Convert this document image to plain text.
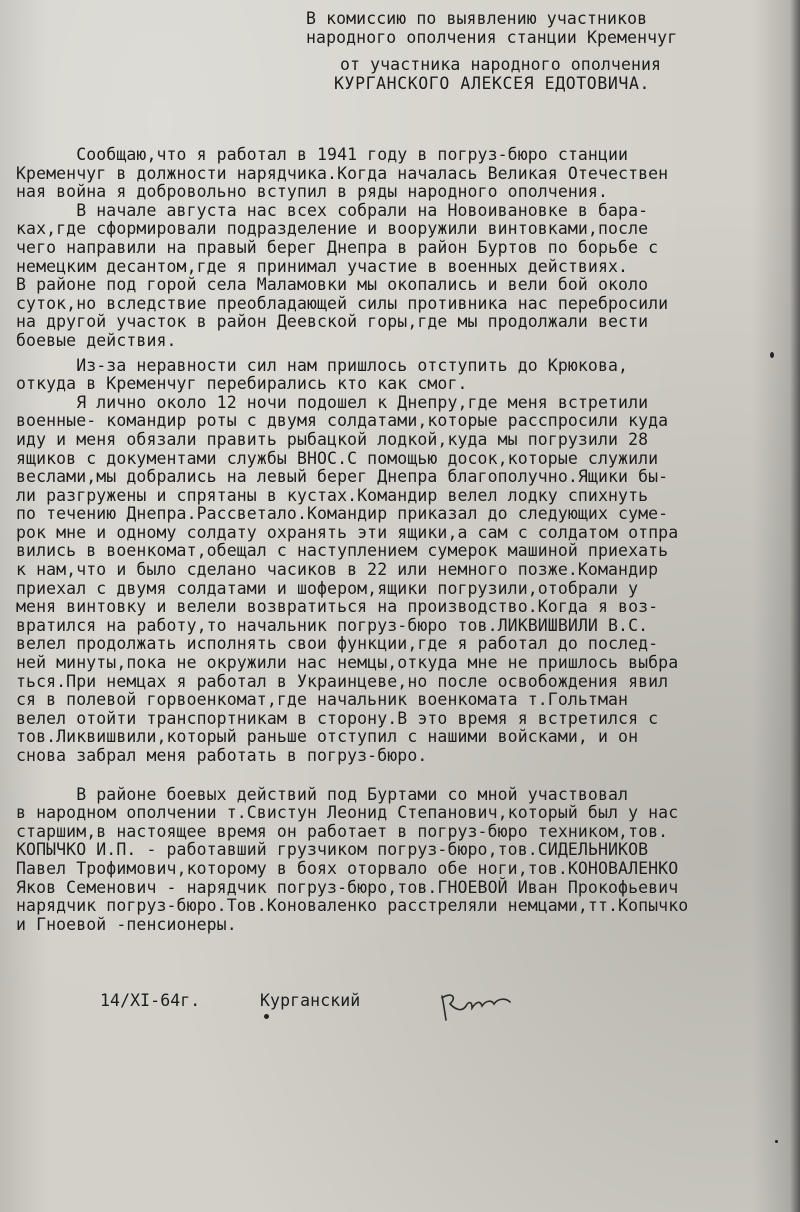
В комиссию по выявлению участников
народного ополчения станции Кременчуг
от участника народного ополчения
КУРГАНСКОГО АЛЕКСЕЯ ЕДОТОВИЧА.
Сообщаю,что я работал в 1941 году в погруз-бюро станции
Кременчуг в должности нарядчика.Когда началась Великая Отечествен
ная война я добровольно вступил в ряды народного ополчения.
В начале августа нас всех собрали на Новоивановке в бара-
ках,где сформировали подразделение и вооружили винтовками,после
чего направили на правый берег Днепра в район Буртов по борьбе с
немецким десантом,где я принимал участие в военных действиях.
В районе под горой села Маламовки мы окопались и вели бой около
суток,но вследствие преобладающей силы противника нас перебросили
на другой участок в район Деевской горы,где мы продолжали вести
боевые действия.
Из-за неравности сил нам пришлось отступить до Крюкова,
откуда в Кременчуг перебирались кто как смог.
Я лично около 12 ночи подошел к Днепру,где меня встретили
военные- командир роты с двумя солдатами,которые расспросили куда
иду и меня обязали править рыбацкой лодкой,куда мы погрузили 28
ящиков с документами службы ВНОС.С помощью досок,которые служили
веслами,мы добрались на левый берег Днепра благополучно.Ящики бы-
ли разгружены и спрятаны в кустах.Командир велел лодку спихнуть
по течению Днепра.Рассветало.Командир приказал до следующих суме-
рок мне и одному солдату охранять эти ящики,а сам с солдатом отпра
вились в военкомат,обещал с наступлением сумерок машиной приехать
к нам,что и было сделано часиков в 22 или немного позже.Командир
приехал с двумя солдатами и шофером,ящики погрузили,отобрали у
меня винтовку и велели возвратиться на производство.Когда я воз-
вратился на работу,то начальник погруз-бюро тов.ЛИКВИШВИЛИ В.С.
велел продолжать исполнять свои функции,где я работал до послед-
ней минуты,пока не окружили нас немцы,откуда мне не пришлось выбра
ться.При немцах я работал в Украинцеве,но после освобождения явил
ся в полевой горвоенкомат,где начальник военкомата т.Гольтман
велел отойти транспортникам в сторону.В это время я встретился с
тов.Ликвишвили,который раньше отступил с нашими войсками, и он
снова забрал меня работать в погруз-бюро.
В районе боевых действий под Буртами со мной участвовал
в народном ополчении т.Свистун Леонид Степанович,который был у нас
старшим,в настоящее время он работает в погруз-бюро техником,тов.
КОПЫЧКО И.П. - работавший грузчиком погруз-бюро,тов.СИДЕЛЬНИКОВ
Павел Трофимович,которому в боях оторвало обе ноги,тов.КОНОВАЛЕНКО
Яков Семенович - нарядчик погруз-бюро,тов.ГНОЕВОЙ Иван Прокофьевич
нарядчик погруз-бюро.Тов.Коноваленко расстреляли немцами,тт.Копычко
и Гноевой -пенсионеры.
14/XI-64г.	Курганский
